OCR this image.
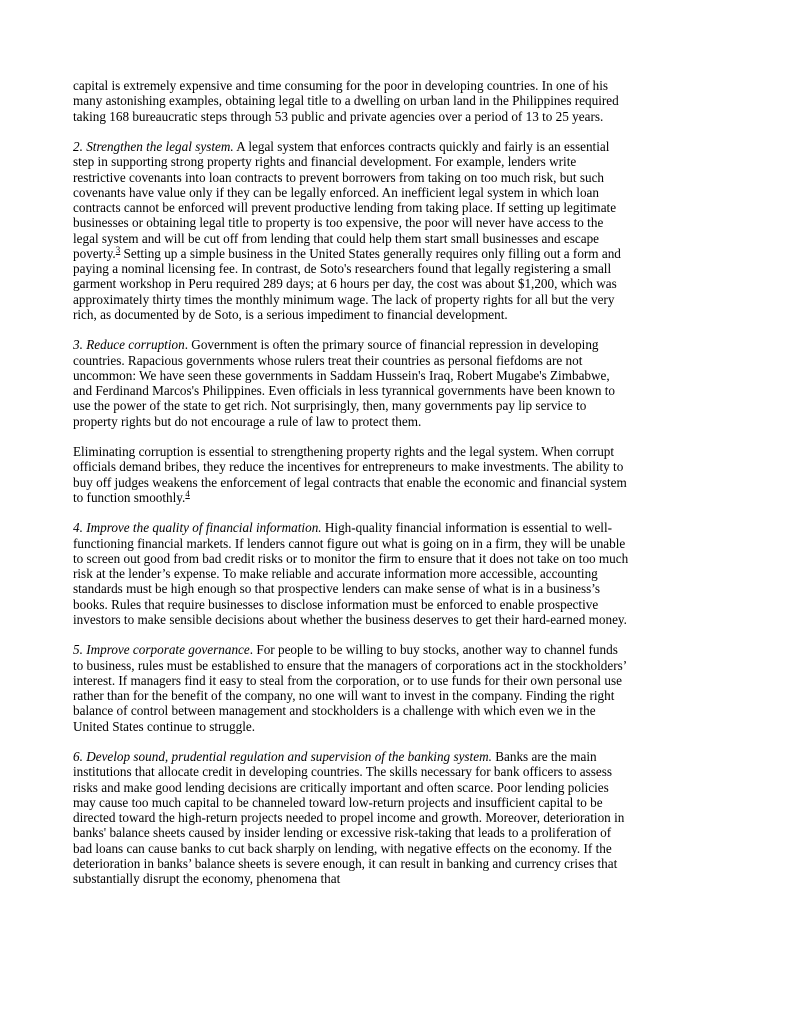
capital is extremely expensive and time consuming for the poor in developing countries. In one of his many astonishing examples, obtaining legal title to a dwelling on urban land in the Philippines required taking 168 bureaucratic steps through 53 public and private agencies over a period of 13 to 25 years.

2. Strengthen the legal system. A legal system that enforces contracts quickly and fairly is an essential step in supporting strong property rights and financial development. For example, lenders write restrictive covenants into loan contracts to prevent borrowers from taking on too much risk, but such covenants have value only if they can be legally enforced. An inefficient legal system in which loan contracts cannot be enforced will prevent productive lending from taking place. If setting up legitimate businesses or obtaining legal title to property is too expensive, the poor will never have access to the legal system and will be cut off from lending that could help them start small businesses and escape poverty.$^3$ Setting up a simple business in the United States generally requires only filling out a form and paying a nominal licensing fee. In contrast, de Soto's researchers found that legally registering a small garment workshop in Peru required 289 days; at 6 hours per day, the cost was about $1,200, which was approximately thirty times the monthly minimum wage. The lack of property rights for all but the very rich, as documented by de Soto, is a serious impediment to financial development.

3. Reduce corruption. Government is often the primary source of financial repression in developing countries. Rapacious governments whose rulers treat their countries as personal fiefdoms are not uncommon: We have seen these governments in Saddam Hussein's Iraq, Robert Mugabe's Zimbabwe, and Ferdinand Marcos's Philippines. Even officials in less tyrannical governments have been known to use the power of the state to get rich. Not surprisingly, then, many governments pay lip service to property rights but do not encourage a rule of law to protect them.

Eliminating corruption is essential to strengthening property rights and the legal system. When corrupt officials demand bribes, they reduce the incentives for entrepreneurs to make investments. The ability to buy off judges weakens the enforcement of legal contracts that enable the economic and financial system to function smoothly.$^4$

4. Improve the quality of financial information. High-quality financial information is essential to well-functioning financial markets. If lenders cannot figure out what is going on in a firm, they will be unable to screen out good from bad credit risks or to monitor the firm to ensure that it does not take on too much risk at the lender’s expense. To make reliable and accurate information more accessible, accounting standards must be high enough so that prospective lenders can make sense of what is in a business’s books. Rules that require businesses to disclose information must be enforced to enable prospective investors to make sensible decisions about whether the business deserves to get their hard-earned money.

5. Improve corporate governance. For people to be willing to buy stocks, another way to channel funds to business, rules must be established to ensure that the managers of corporations act in the stockholders’ interest. If managers find it easy to steal from the corporation, or to use funds for their own personal use rather than for the benefit of the company, no one will want to invest in the company. Finding the right balance of control between management and stockholders is a challenge with which even we in the United States continue to struggle.

6. Develop sound, prudential regulation and supervision of the banking system. Banks are the main institutions that allocate credit in developing countries. The skills necessary for bank officers to assess risks and make good lending decisions are critically important and often scarce. Poor lending policies may cause too much capital to be channeled toward low-return projects and insufficient capital to be directed toward the high-return projects needed to propel income and growth. Moreover, deterioration in banks' balance sheets caused by insider lending or excessive risk-taking that leads to a proliferation of bad loans can cause banks to cut back sharply on lending, with negative effects on the economy. If the deterioration in banks’ balance sheets is severe enough, it can result in banking and currency crises that substantially disrupt the economy, phenomena that
